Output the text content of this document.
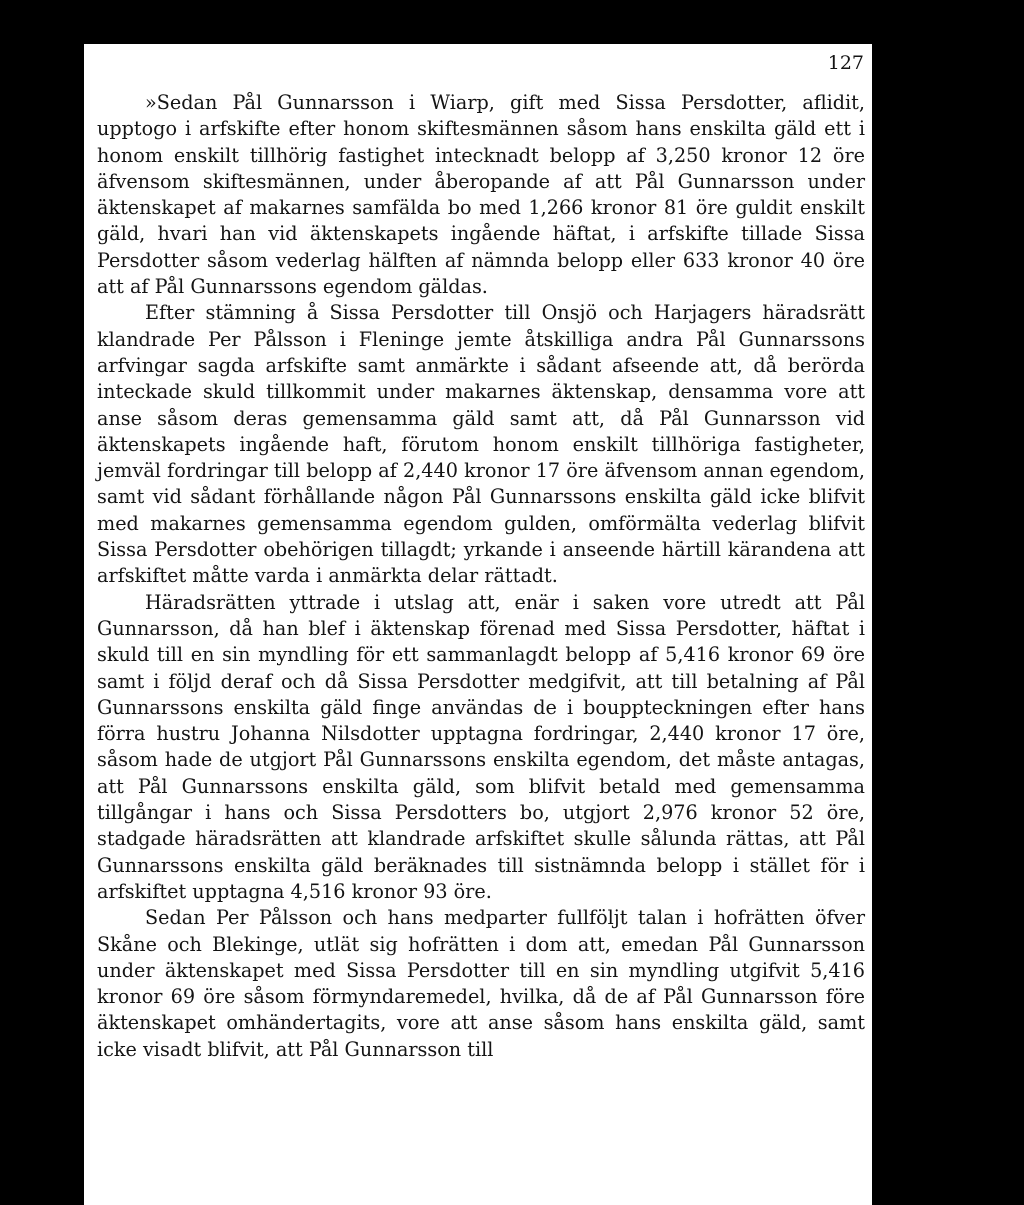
127

»Sedan Pål Gunnarsson i Wiarp, gift med Sissa Persdotter, aflidit, upptogo i arfskifte efter honom skiftesmännen såsom hans enskilta gäld ett i honom enskilt tillhörig fastighet intecknadt belopp af 3,250 kronor 12 öre äfvensom skiftesmännen, under åberopande af att Pål Gunnarsson under äktenskapet af makarnes samfälda bo med 1,266 kronor 81 öre guldit enskilt gäld, hvari han vid äktenskapets ingående häftat, i arfskifte tillade Sissa Persdotter såsom vederlag hälften af nämnda belopp eller 633 kronor 40 öre att af Pål Gunnarssons egendom gäldas.

Efter stämning å Sissa Persdotter till Onsjö och Harjagers häradsrätt klandrade Per Pålsson i Fleninge jemte åtskilliga andra Pål Gunnarssons arfvingar sagda arfskifte samt anmärkte i sådant afseende att, då berörda inteckade skuld tillkommit under makarnes äktenskap, densamma vore att anse såsom deras gemensamma gäld samt att, då Pål Gunnarsson vid äktenskapets ingående haft, förutom honom enskilt tillhöriga fastigheter, jemväl fordringar till belopp af 2,440 kronor 17 öre äfvensom annan egendom, samt vid sådant förhållande någon Pål Gunnarssons enskilta gäld icke blifvit med makarnes gemensamma egendom gulden, omförmälta vederlag blifvit Sissa Persdotter obehörigen tillagdt; yrkande i anseende härtill kärandena att arfskiftet måtte varda i anmärkta delar rättadt.

Häradsrätten yttrade i utslag att, enär i saken vore utredt att Pål Gunnarsson, då han blef i äktenskap förenad med Sissa Persdotter, häftat i skuld till en sin myndling för ett sammanlagdt belopp af 5,416 kronor 69 öre samt i följd deraf och då Sissa Persdotter medgifvit, att till betalning af Pål Gunnarssons enskilta gäld finge användas de i bouppteckningen efter hans förra hustru Johanna Nilsdotter upptagna fordringar, 2,440 kronor 17 öre, såsom hade de utgjort Pål Gunnarssons enskilta egendom, det måste antagas, att Pål Gunnarssons enskilta gäld, som blifvit betald med gemensamma tillgångar i hans och Sissa Persdotters bo, utgjort 2,976 kronor 52 öre, stadgade häradsrätten att klandrade arfskiftet skulle sålunda rättas, att Pål Gunnarssons enskilta gäld beräknades till sistnämnda belopp i stället för i arfskiftet upptagna 4,516 kronor 93 öre.

Sedan Per Pålsson och hans medparter fullföljt talan i hofrätten öfver Skåne och Blekinge, utlät sig hofrätten i dom att, emedan Pål Gunnarsson under äktenskapet med Sissa Persdotter till en sin myndling utgifvit 5,416 kronor 69 öre såsom förmyndaremedel, hvilka, då de af Pål Gunnarsson före äktenskapet omhändertagits, vore att anse såsom hans enskilta gäld, samt icke visadt blifvit, att Pål Gunnarsson till
